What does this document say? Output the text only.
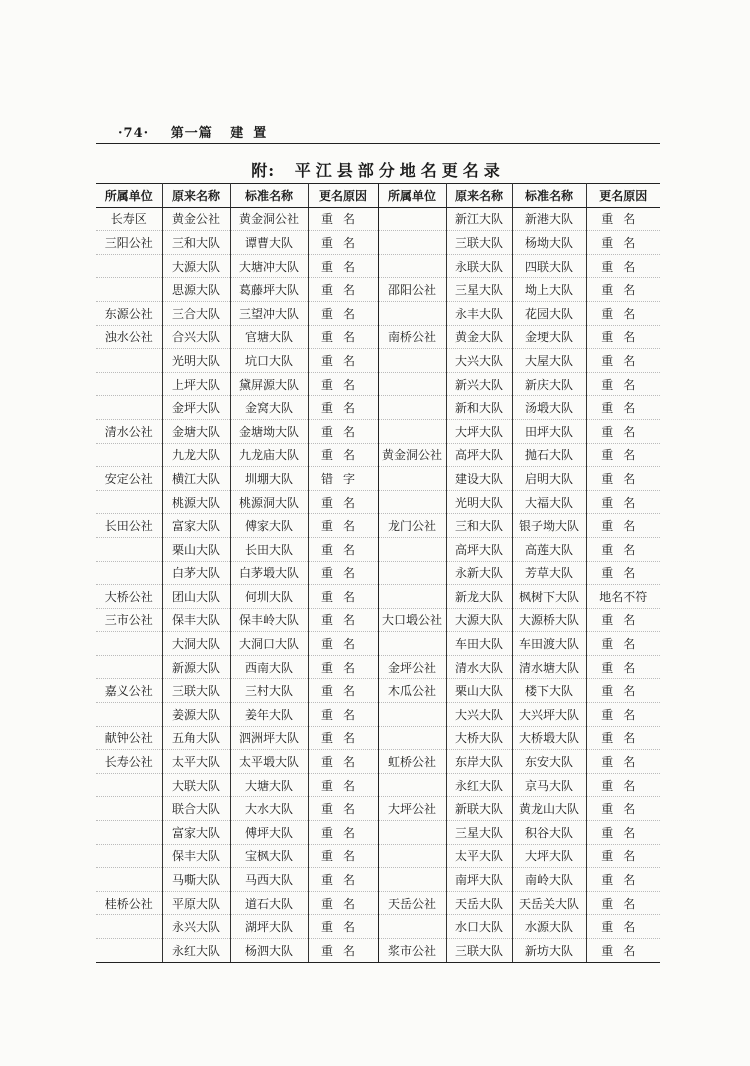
·74· 第一篇 建置
附: 平江县部分地名更名录
所属单位	原来名称	标准名称	更名原因	所属单位	原来名称	标准名称	更名原因
长寿区	黄金公社	黄金洞公社	重名		新江大队	新港大队	重名
三阳公社	三和大队	谭曹大队	重名		三联大队	杨坳大队	重名
	大源大队	大塘冲大队	重名		永联大队	四联大队	重名
	思源大队	葛藤坪大队	重名	邵阳公社	三星大队	坳上大队	重名
东源公社	三合大队	三望冲大队	重名		永丰大队	花园大队	重名
浊水公社	合兴大队	官塘大队	重名	南桥公社	黄金大队	金埂大队	重名
	光明大队	坑口大队	重名		大兴大队	大屋大队	重名
	上坪大队	黛屏源大队	重名		新兴大队	新庆大队	重名
	金坪大队	金窝大队	重名		新和大队	汤塅大队	重名
清水公社	金塘大队	金塘坳大队	重名		大坪大队	田坪大队	重名
	九龙大队	九龙庙大队	重名	黄金洞公社	高坪大队	抛石大队	重名
安定公社	横江大队	圳堋大队	错字		建设大队	启明大队	重名
	桃源大队	桃源洞大队	重名		光明大队	大福大队	重名
长田公社	富家大队	傅家大队	重名	龙门公社	三和大队	银子坳大队	重名
	栗山大队	长田大队	重名		高坪大队	高莲大队	重名
	白茅大队	白茅塅大队	重名		永新大队	芳草大队	重名
大桥公社	团山大队	何圳大队	重名		新龙大队	枫树下大队	地名不符
三市公社	保丰大队	保丰岭大队	重名	大口塅公社	大源大队	大源桥大队	重名
	大洞大队	大洞口大队	重名		车田大队	车田渡大队	重名
	新源大队	西南大队	重名	金坪公社	清水大队	清水塘大队	重名
嘉义公社	三联大队	三村大队	重名	木瓜公社	栗山大队	楼下大队	重名
	姜源大队	姜年大队	重名		大兴大队	大兴坪大队	重名
献钟公社	五角大队	泗洲坪大队	重名		大桥大队	大桥塅大队	重名
长寿公社	太平大队	太平塅大队	重名	虹桥公社	东岸大队	东安大队	重名
	大联大队	大塘大队	重名		永红大队	京马大队	重名
	联合大队	大水大队	重名	大坪公社	新联大队	黄龙山大队	重名
	富家大队	傅坪大队	重名		三星大队	积谷大队	重名
	保丰大队	宝枫大队	重名		太平大队	大坪大队	重名
	马嘶大队	马西大队	重名		南坪大队	南岭大队	重名
桂桥公社	平原大队	道石大队	重名	天岳公社	天岳大队	天岳关大队	重名
	永兴大队	湖坪大队	重名		水口大队	水源大队	重名
	永红大队	杨泗大队	重名	浆市公社	三联大队	新坊大队	重名
